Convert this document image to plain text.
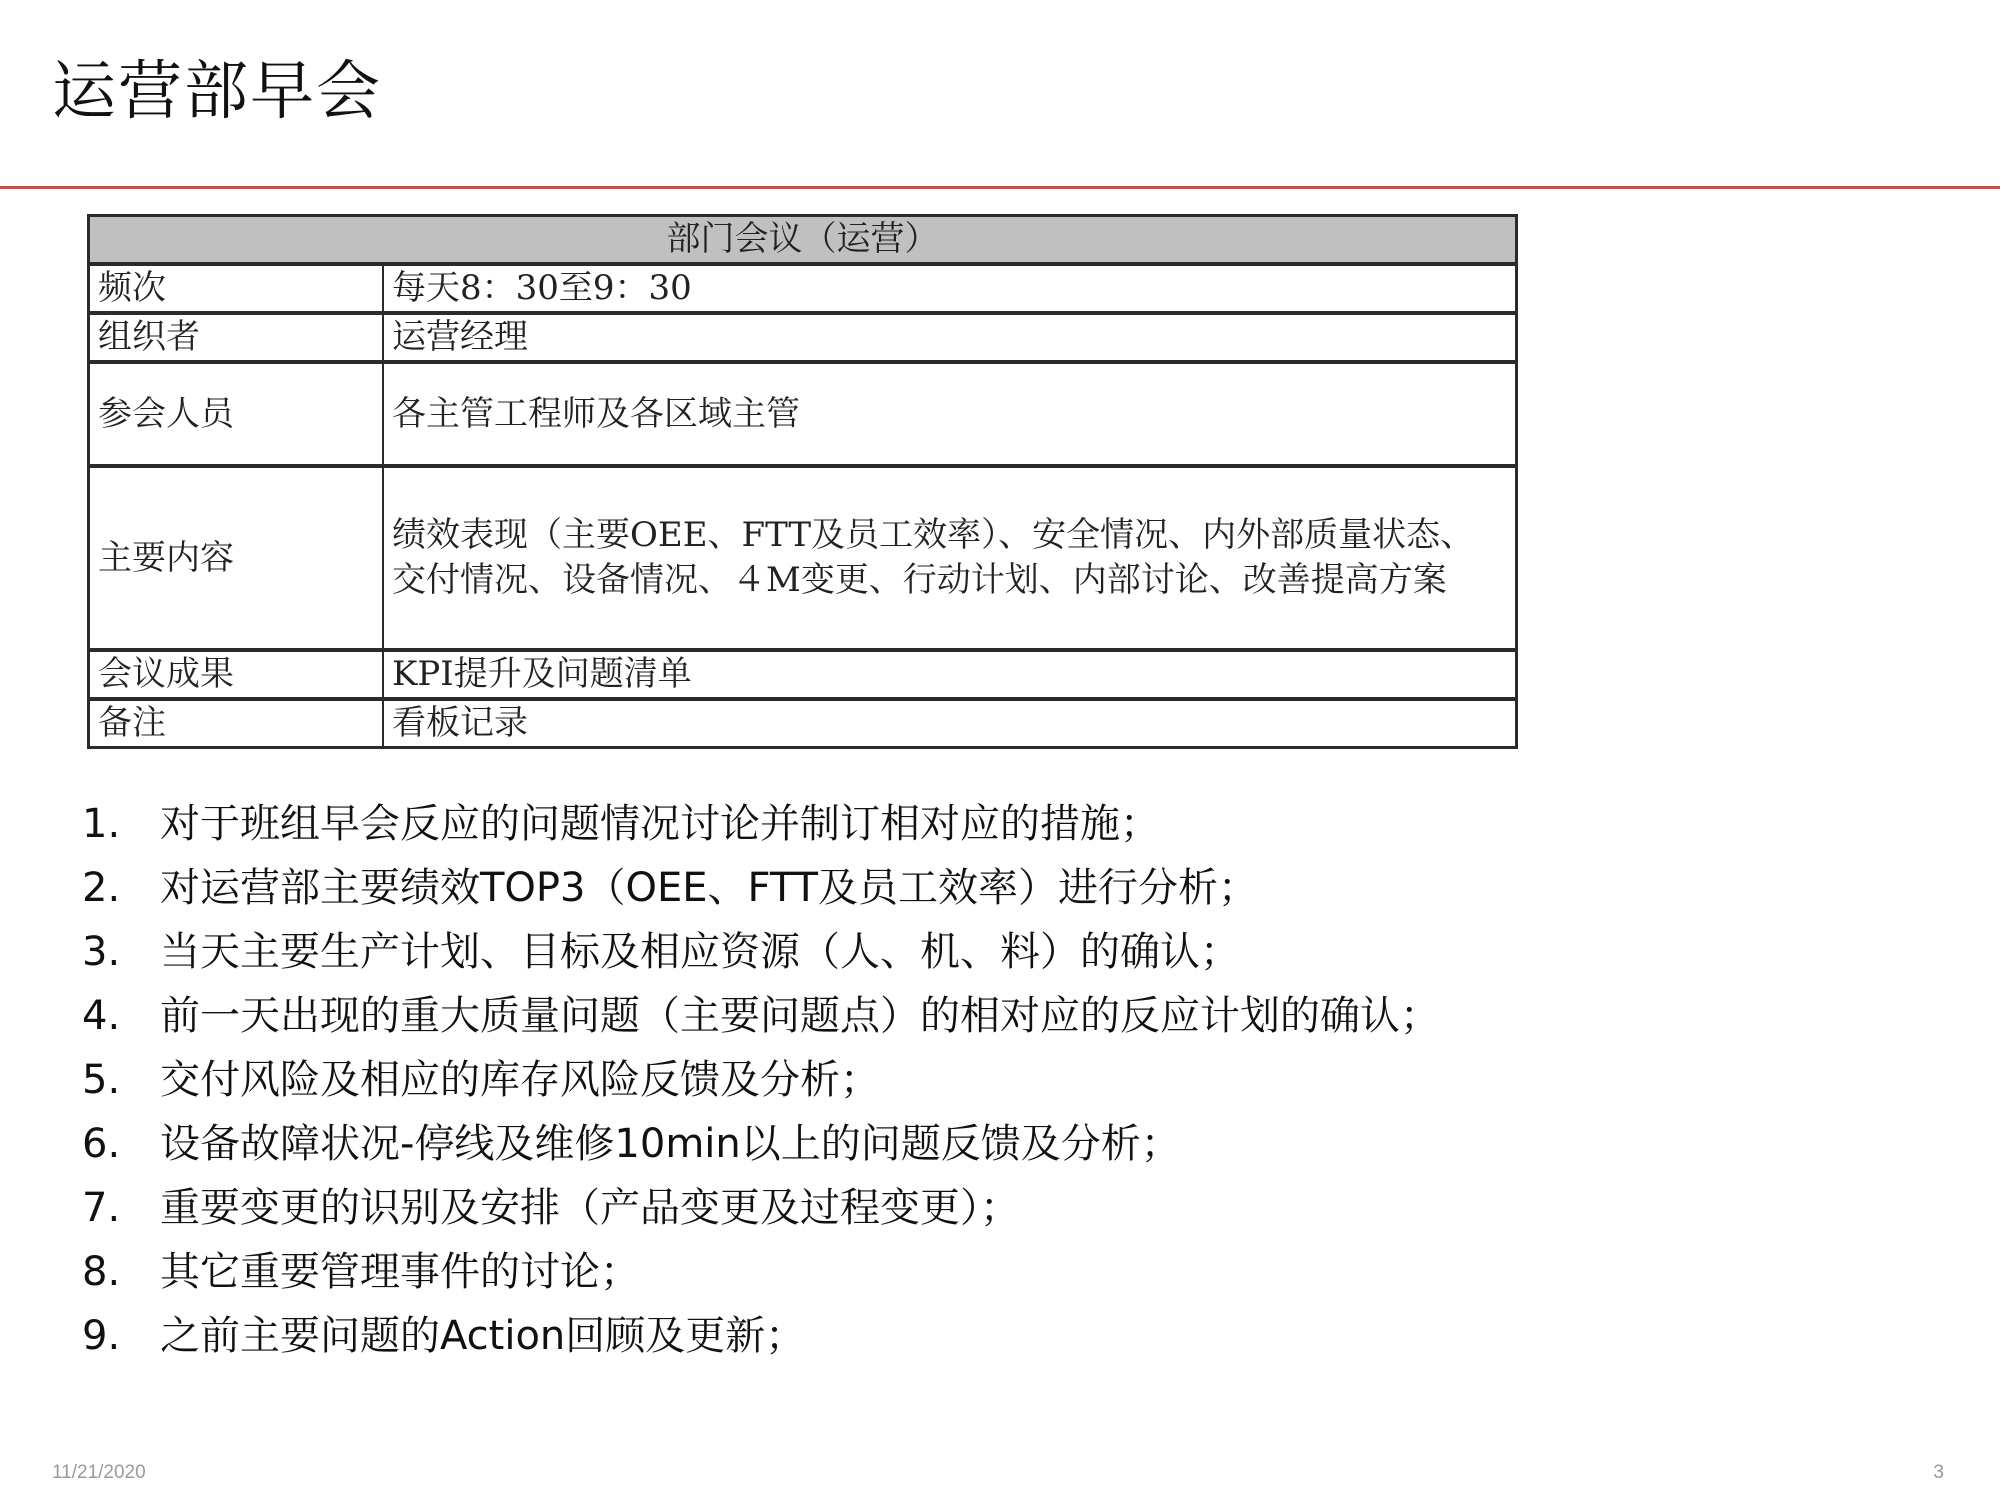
运营部早会
部门会议（运营）	
频次	每天8：30至9：30
组织者	运营经理
参会人员	各主管工程师及各区域主管
主要内容	绩效表现（主要OEE、FTT及员工效率）、安全情况、内外部质量状态、交付情况、设备情况、４M变更、行动计划、内部讨论、改善提高方案
会议成果	KPI提升及问题清单
备注	看板记录
1. 对于班组早会反应的问题情况讨论并制订相对应的措施；
2. 对运营部主要绩效TOP3（OEE、FTT及员工效率）进行分析；
3. 当天主要生产计划、目标及相应资源（人、机、料）的确认；
4. 前一天出现的重大质量问题（主要问题点）的相对应的反应计划的确认；
5. 交付风险及相应的库存风险反馈及分析；
6. 设备故障状况-停线及维修10min以上的问题反馈及分析；
7. 重要变更的识别及安排（产品变更及过程变更）；
8. 其它重要管理事件的讨论；
9. 之前主要问题的Action回顾及更新；
11/21/2020	3
